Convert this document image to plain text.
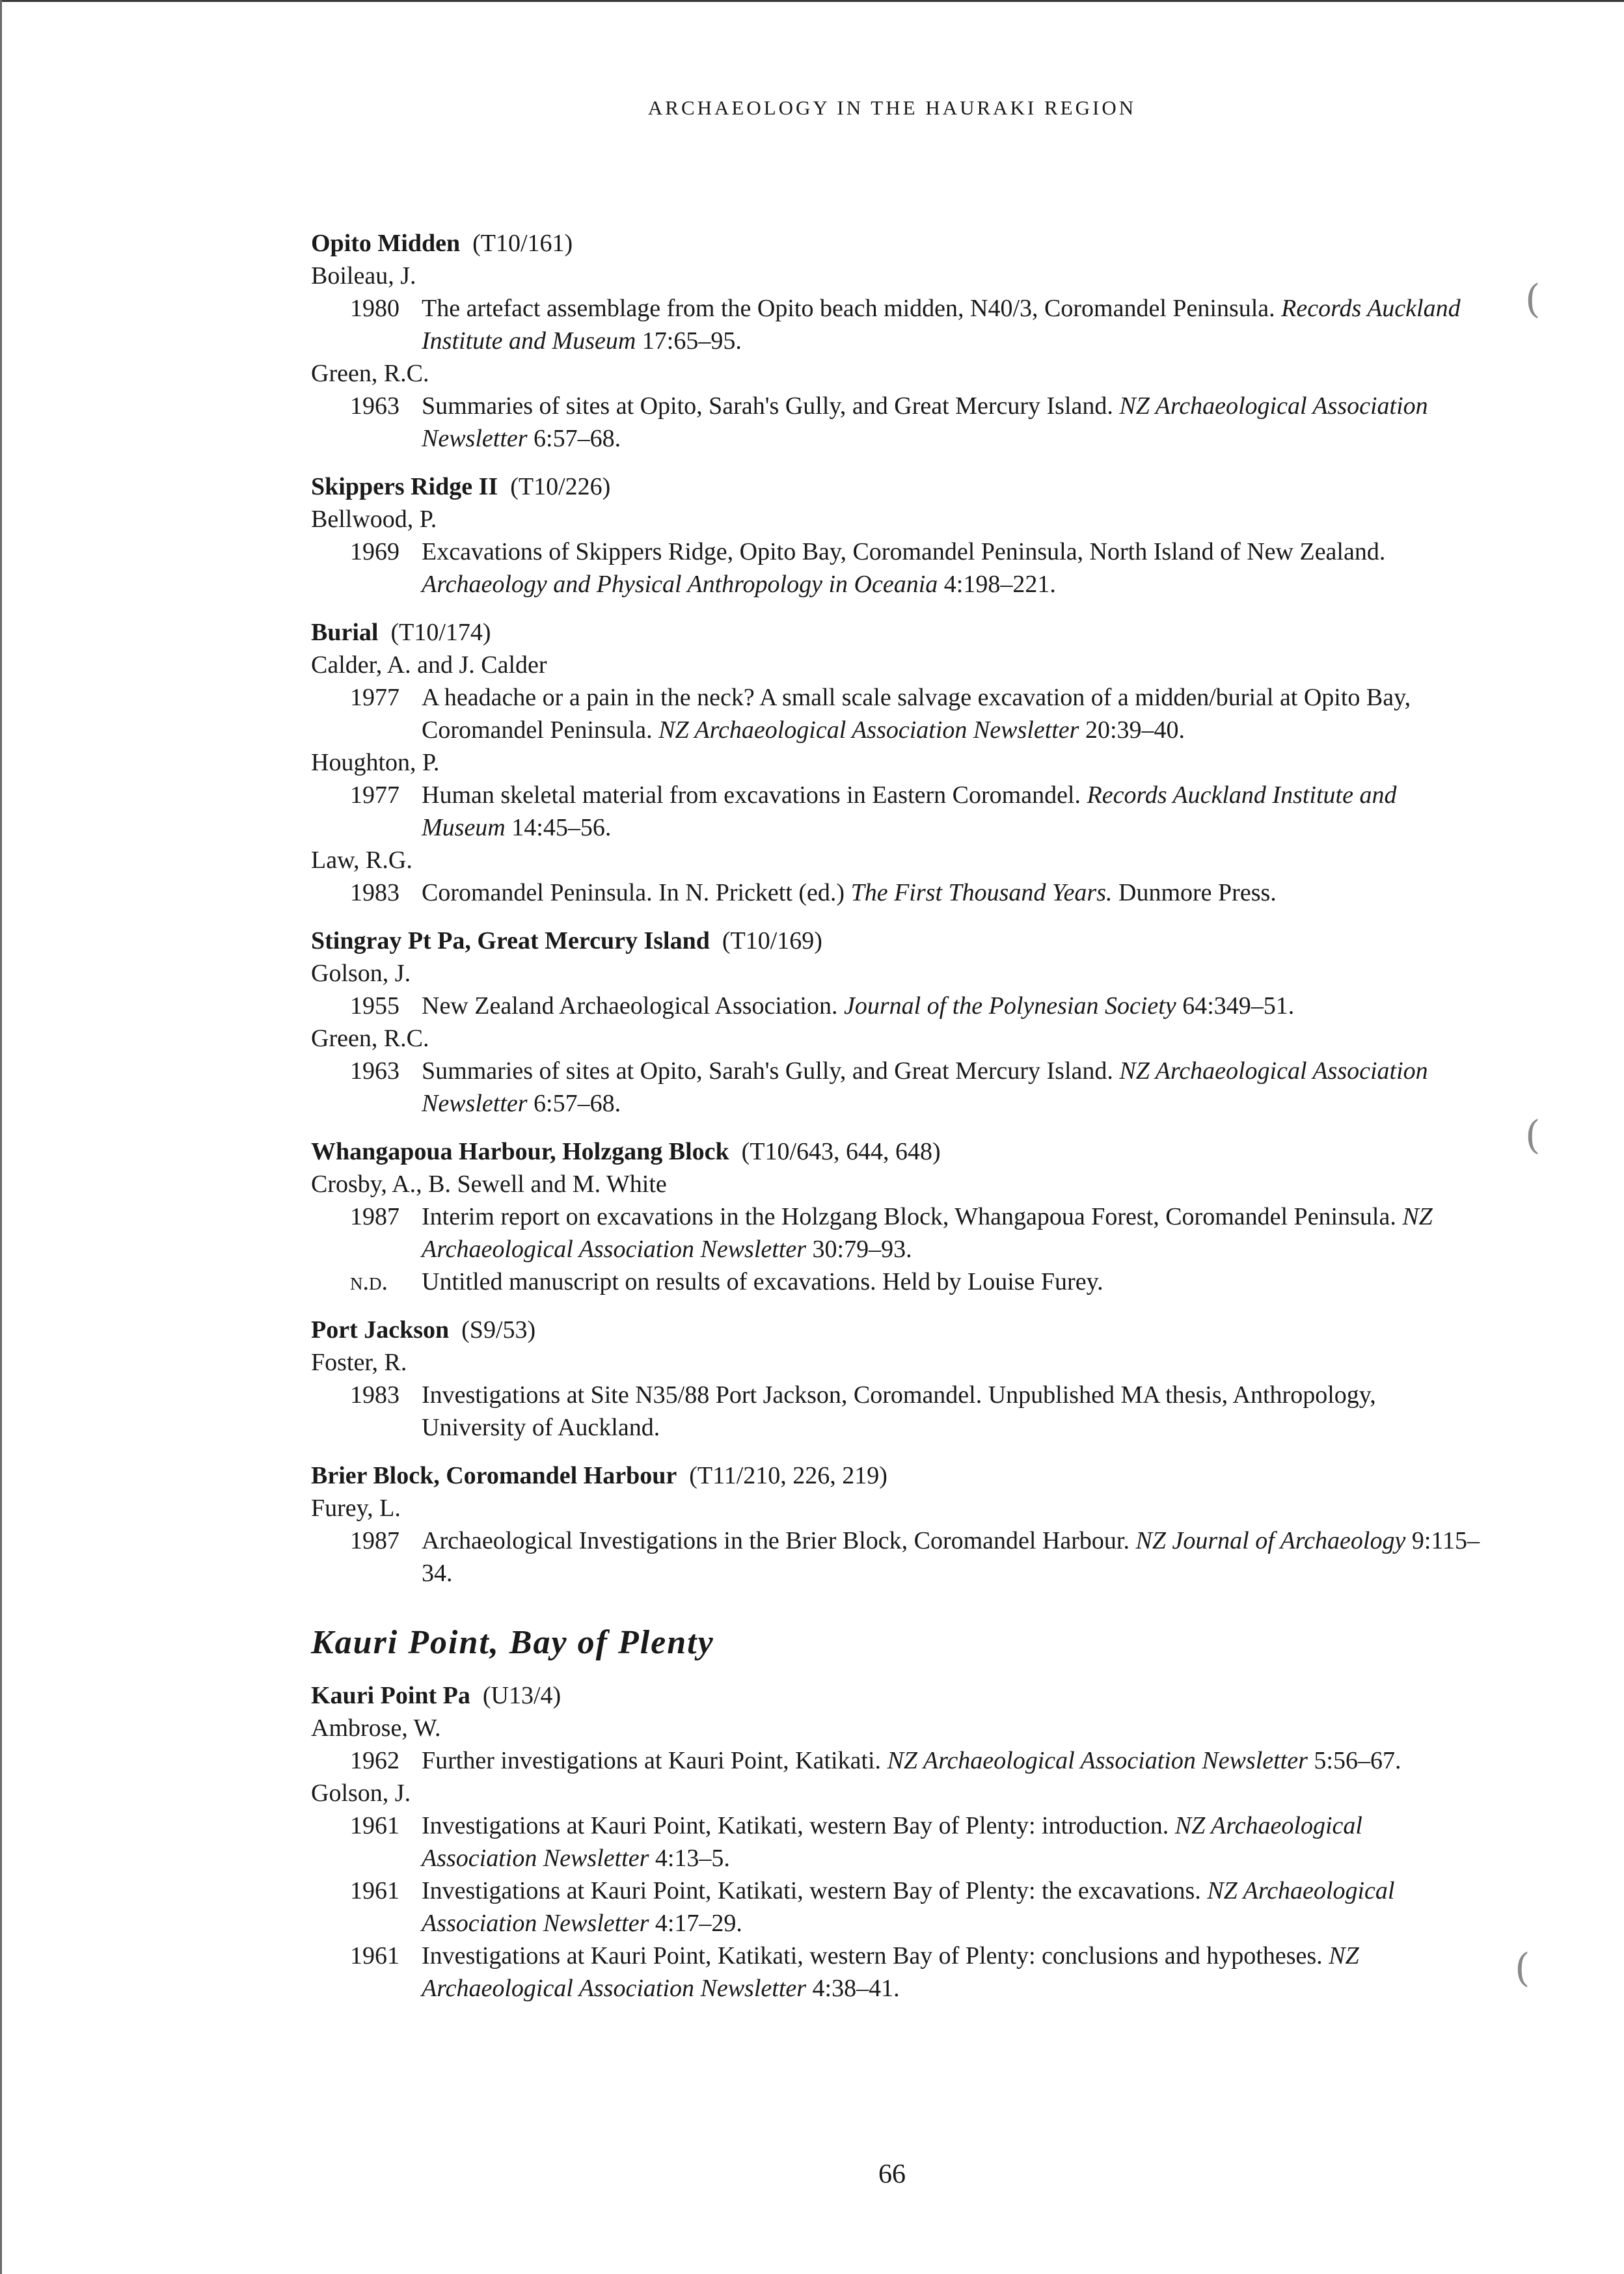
ARCHAEOLOGY IN THE HAURAKI REGION
Opito Midden (T10/161)
Boileau, J.
1980 The artefact assemblage from the Opito beach midden, N40/3, Coromandel Peninsula. Records Auckland Institute and Museum 17:65–95.
Green, R.C.
1963 Summaries of sites at Opito, Sarah's Gully, and Great Mercury Island. NZ Archaeological Association Newsletter 6:57–68.
Skippers Ridge II (T10/226)
Bellwood, P.
1969 Excavations of Skippers Ridge, Opito Bay, Coromandel Peninsula, North Island of New Zealand. Archaeology and Physical Anthropology in Oceania 4:198–221.
Burial (T10/174)
Calder, A. and J. Calder
1977 A headache or a pain in the neck? A small scale salvage excavation of a midden/burial at Opito Bay, Coromandel Peninsula. NZ Archaeological Association Newsletter 20:39–40.
Houghton, P.
1977 Human skeletal material from excavations in Eastern Coromandel. Records Auckland Institute and Museum 14:45–56.
Law, R.G.
1983 Coromandel Peninsula. In N. Prickett (ed.) The First Thousand Years. Dunmore Press.
Stingray Pt Pa, Great Mercury Island (T10/169)
Golson, J.
1955 New Zealand Archaeological Association. Journal of the Polynesian Society 64:349–51.
Green, R.C.
1963 Summaries of sites at Opito, Sarah's Gully, and Great Mercury Island. NZ Archaeological Association Newsletter 6:57–68.
Whangapoua Harbour, Holzgang Block (T10/643, 644, 648)
Crosby, A., B. Sewell and M. White
1987 Interim report on excavations in the Holzgang Block, Whangapoua Forest, Coromandel Peninsula. NZ Archaeological Association Newsletter 30:79–93.
n.d.	Untitled manuscript on results of excavations. Held by Louise Furey.
Port Jackson (S9/53)
Foster, R.
1983 Investigations at Site N35/88 Port Jackson, Coromandel. Unpublished MA thesis, Anthropology, University of Auckland.
Brier Block, Coromandel Harbour (T11/210, 226, 219)
Furey, L.
1987 Archaeological Investigations in the Brier Block, Coromandel Harbour. NZ Journal of Archaeology 9:115–34.
Kauri Point, Bay of Plenty
Kauri Point Pa (U13/4)
Ambrose, W.
1962 Further investigations at Kauri Point, Katikati. NZ Archaeological Association Newsletter 5:56–67.
Golson, J.
1961 Investigations at Kauri Point, Katikati, western Bay of Plenty: introduction. NZ Archaeological Association Newsletter 4:13–5.
1961 Investigations at Kauri Point, Katikati, western Bay of Plenty: the excavations. NZ Archaeological Association Newsletter 4:17–29.
1961 Investigations at Kauri Point, Katikati, western Bay of Plenty: conclusions and hypotheses. NZ Archaeological Association Newsletter 4:38–41.
(
(
(
66
